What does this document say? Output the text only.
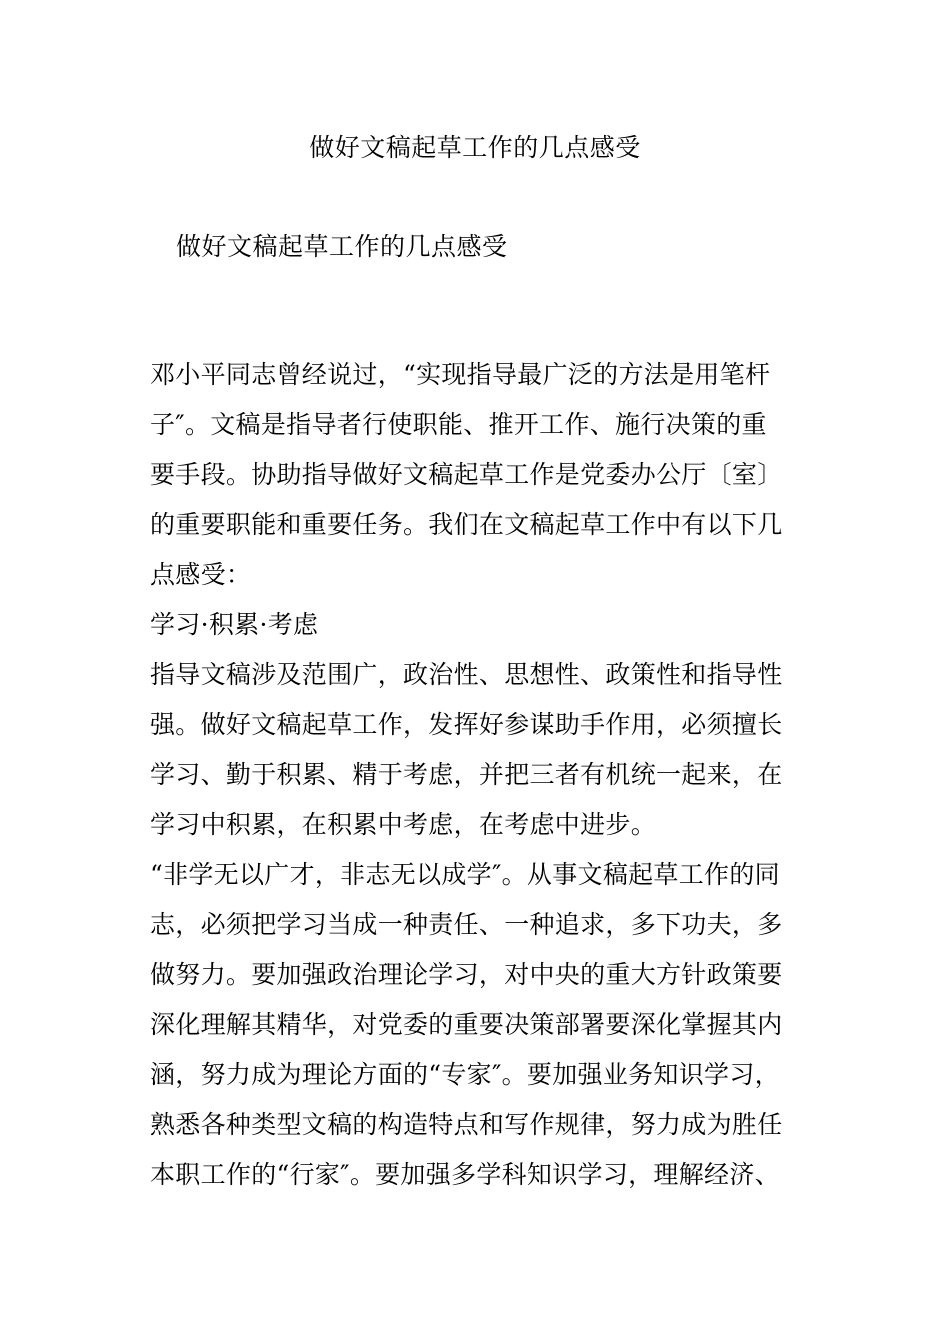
做好文稿起草工作的几点感受
做好文稿起草工作的几点感受
邓小平同志曾经说过，“实现指导最广泛的方法是用笔杆
子″。文稿是指导者行使职能、推开工作、施行决策的重
要手段。协助指导做好文稿起草工作是党委办公厅〔室〕
的重要职能和重要任务。我们在文稿起草工作中有以下几
点感受：
学习·积累·考虑
指导文稿涉及范围广，政治性、思想性、政策性和指导性
强。做好文稿起草工作，发挥好参谋助手作用，必须擅长
学习、勤于积累、精于考虑，并把三者有机统一起来，在
学习中积累，在积累中考虑，在考虑中进步。
“非学无以广才，非志无以成学″。从事文稿起草工作的同
志，必须把学习当成一种责任、一种追求，多下功夫，多
做努力。要加强政治理论学习，对中央的重大方针政策要
深化理解其精华，对党委的重要决策部署要深化掌握其内
涵，努力成为理论方面的“专家″。要加强业务知识学习，
熟悉各种类型文稿的构造特点和写作规律，努力成为胜任
本职工作的“行家″。要加强多学科知识学习，理解经济、
